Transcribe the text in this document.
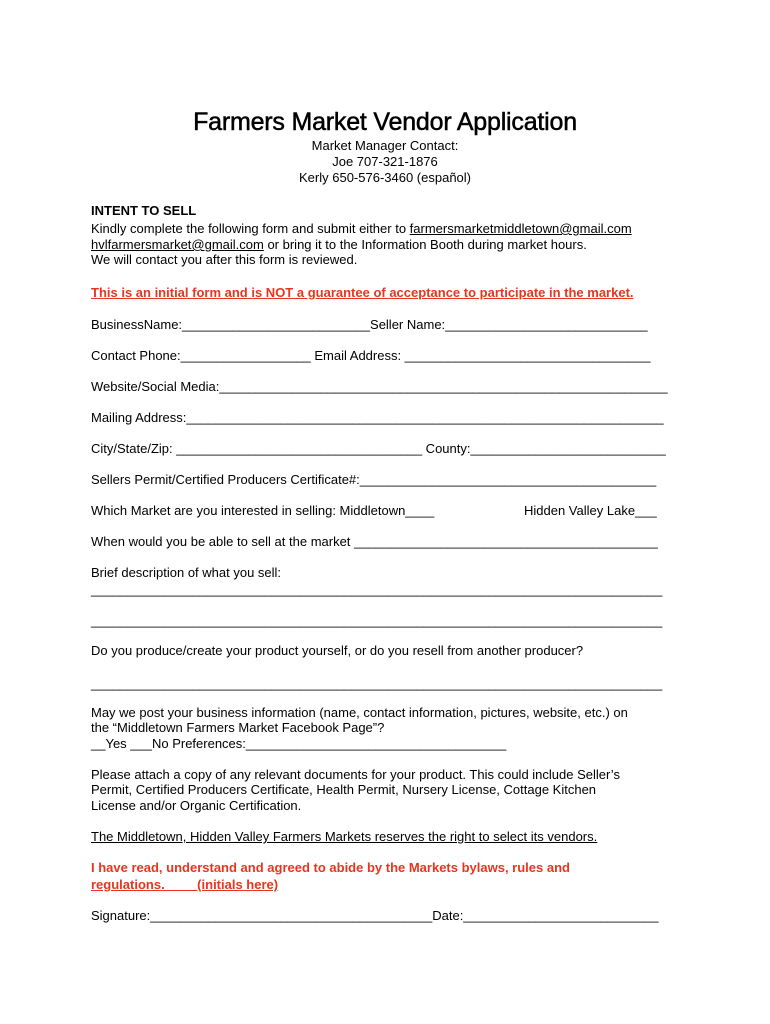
Farmers Market Vendor Application
Market Manager Contact:
Joe 707-321-1876
Kerly 650-576-3460 (español)
INTENT TO SELL
Kindly complete the following form and submit either to farmersmarketmiddletown@gmail.com
hvlfarmersmarket@gmail.com or bring it to the Information Booth during market hours.
We will contact you after this form is reviewed.
This is an initial form and is NOT a guarantee of acceptance to participate in the market.
BusinessName:__________________________Seller Name:____________________________
Contact Phone:__________________ Email Address: __________________________________
Website/Social Media:______________________________________________________________
Mailing Address:__________________________________________________________________
City/State/Zip: __________________________________ County:___________________________
Sellers Permit/Certified Producers Certificate#:_________________________________________
Which Market are you interested in selling: Middletown____	Hidden Valley Lake___
When would you be able to sell at the market __________________________________________
Brief description of what you sell:
_______________________________________________________________________________
_______________________________________________________________________________
Do you produce/create your product yourself, or do you resell from another producer?
_______________________________________________________________________________
May we post your business information (name, contact information, pictures, website, etc.) on
the “Middletown Farmers Market Facebook Page”?
__Yes ___No Preferences:____________________________________
Please attach a copy of any relevant documents for your product. This could include Seller’s
Permit, Certified Producers Certificate, Health Permit, Nursery License, Cottage Kitchen
License and/or Organic Certification.
The Middletown, Hidden Valley Farmers Markets reserves the right to select its vendors.
I have read, understand and agreed to abide by the Markets bylaws, rules and
regulations.         (initials here)
Signature:_______________________________________Date:___________________________
